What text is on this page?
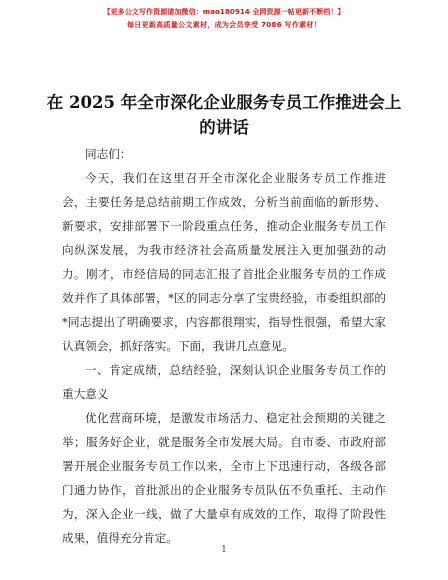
【更多公文写作资源请加微信：mao180914 全网资源一帖更新不断档！】
每日更新高质量公文素材，成为会员享受 7086 写作素材！
在 2025 年全市深化企业服务专员工作推进会上的讲话

同志们：

今天，我们在这里召开全市深化企业服务专员工作推进会，主要任务是总结前期工作成效，分析当前面临的新形势、新要求，安排部署下一阶段重点任务，推动企业服务专员工作向纵深发展，为我市经济社会高质量发展注入更加强劲的动力。刚才，市经信局的同志汇报了首批企业服务专员的工作成效并作了具体部署，*区的同志分享了宝贵经验，市委组织部的*同志提出了明确要求，内容都很翔实，指导性很强，希望大家认真领会，抓好落实。下面，我讲几点意见。

一、肯定成绩，总结经验，深刻认识企业服务专员工作的重大意义

优化营商环境，是激发市场活力、稳定社会预期的关键之举；服务好企业，就是服务全市发展大局。自市委、市政府部署开展企业服务专员工作以来，全市上下迅速行动，各级各部门通力协作，首批派出的企业服务专员队伍不负重托、主动作为，深入企业一线，做了大量卓有成效的工作，取得了阶段性成果，值得充分肯定。

1
